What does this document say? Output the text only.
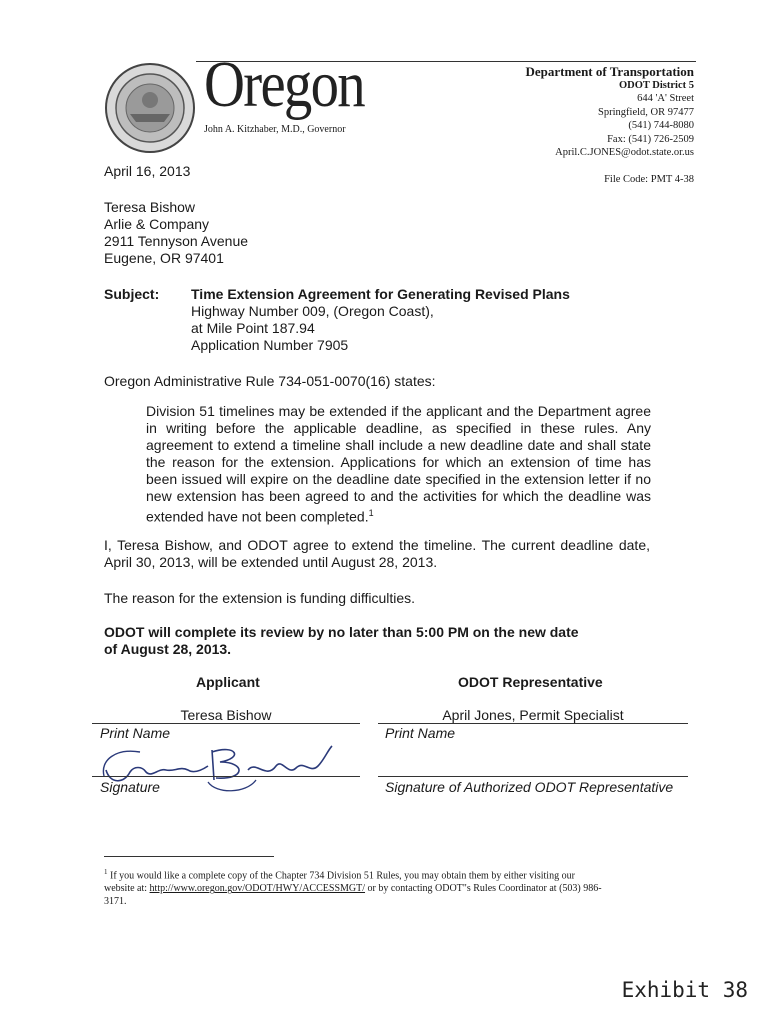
Oregon
John A. Kitzhaber, M.D., Governor
Department of Transportation
ODOT District 5
644 'A' Street
Springfield, OR 97477
(541) 744-8080
Fax: (541) 726-2509
April.C.JONES@odot.state.or.us
File Code: PMT 4-38
April 16, 2013
Teresa Bishow
Arlie & Company
2911 Tennyson Avenue
Eugene, OR 97401
Subject: Time Extension Agreement for Generating Revised Plans
Highway Number 009, (Oregon Coast),
at Mile Point 187.94
Application Number 7905
Oregon Administrative Rule 734-051-0070(16) states:
Division 51 timelines may be extended if the applicant and the Department agree in writing before the applicable deadline, as specified in these rules. Any agreement to extend a timeline shall include a new deadline date and shall state the reason for the extension. Applications for which an extension of time has been issued will expire on the deadline date specified in the extension letter if no new extension has been agreed to and the activities for which the deadline was extended have not been completed.$^1$
I, Teresa Bishow, and ODOT agree to extend the timeline. The current deadline date, April 30, 2013, will be extended until August 28, 2013.
The reason for the extension is funding difficulties.
ODOT will complete its review by no later than 5:00 PM on the new date
of August 28, 2013.
Applicant	ODOT Representative
Teresa Bishow
Print Name
April Jones, Permit Specialist
Print Name
Signature	Signature of Authorized ODOT Representative
$^1$ If you would like a complete copy of the Chapter 734 Division 51 Rules, you may obtain them by either visiting our website at: http://www.oregon.gov/ODOT/HWY/ACCESSMGT/ or by contacting ODOT"s Rules Coordinator at (503) 986-3171.
Exhibit 38
